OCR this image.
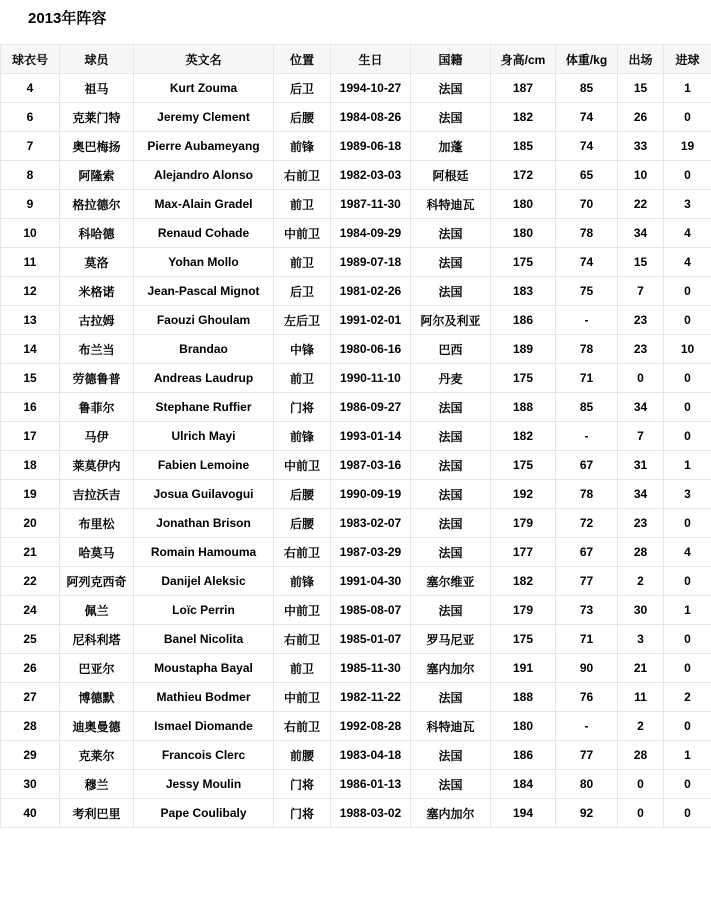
2013年阵容
球衣号	球员	英文名	位置	生日	国籍	身高/cm	体重/kg	出场	进球
4	祖马	Kurt Zouma	后卫	1994-10-27	法国	187	85	15	1
6	克莱门特	Jeremy Clement	后腰	1984-08-26	法国	182	74	26	0
7	奥巴梅扬	Pierre Aubameyang	前锋	1989-06-18	加蓬	185	74	33	19
8	阿隆索	Alejandro Alonso	右前卫	1982-03-03	阿根廷	172	65	10	0
9	格拉德尔	Max-Alain Gradel	前卫	1987-11-30	科特迪瓦	180	70	22	3
10	科哈德	Renaud Cohade	中前卫	1984-09-29	法国	180	78	34	4
11	莫洛	Yohan Mollo	前卫	1989-07-18	法国	175	74	15	4
12	米格诺	Jean-Pascal Mignot	后卫	1981-02-26	法国	183	75	7	0
13	古拉姆	Faouzi Ghoulam	左后卫	1991-02-01	阿尔及利亚	186	-	23	0
14	布兰当	Brandao	中锋	1980-06-16	巴西	189	78	23	10
15	劳德鲁普	Andreas Laudrup	前卫	1990-11-10	丹麦	175	71	0	0
16	鲁菲尔	Stephane Ruffier	门将	1986-09-27	法国	188	85	34	0
17	马伊	Ulrich Mayi	前锋	1993-01-14	法国	182	-	7	0
18	莱莫伊内	Fabien Lemoine	中前卫	1987-03-16	法国	175	67	31	1
19	吉拉沃吉	Josua Guilavogui	后腰	1990-09-19	法国	192	78	34	3
20	布里松	Jonathan Brison	后腰	1983-02-07	法国	179	72	23	0
21	哈莫马	Romain Hamouma	右前卫	1987-03-29	法国	177	67	28	4
22	阿列克西奇	Danijel Aleksic	前锋	1991-04-30	塞尔维亚	182	77	2	0
24	佩兰	Loïc Perrin	中前卫	1985-08-07	法国	179	73	30	1
25	尼科利塔	Banel Nicolita	右前卫	1985-01-07	罗马尼亚	175	71	3	0
26	巴亚尔	Moustapha Bayal	前卫	1985-11-30	塞内加尔	191	90	21	0
27	博德默	Mathieu Bodmer	中前卫	1982-11-22	法国	188	76	11	2
28	迪奥曼德	Ismael Diomande	右前卫	1992-08-28	科特迪瓦	180	-	2	0
29	克莱尔	Francois Clerc	前腰	1983-04-18	法国	186	77	28	1
30	穆兰	Jessy Moulin	门将	1986-01-13	法国	184	80	0	0
40	考利巴里	Pape Coulibaly	门将	1988-03-02	塞内加尔	194	92	0	0
